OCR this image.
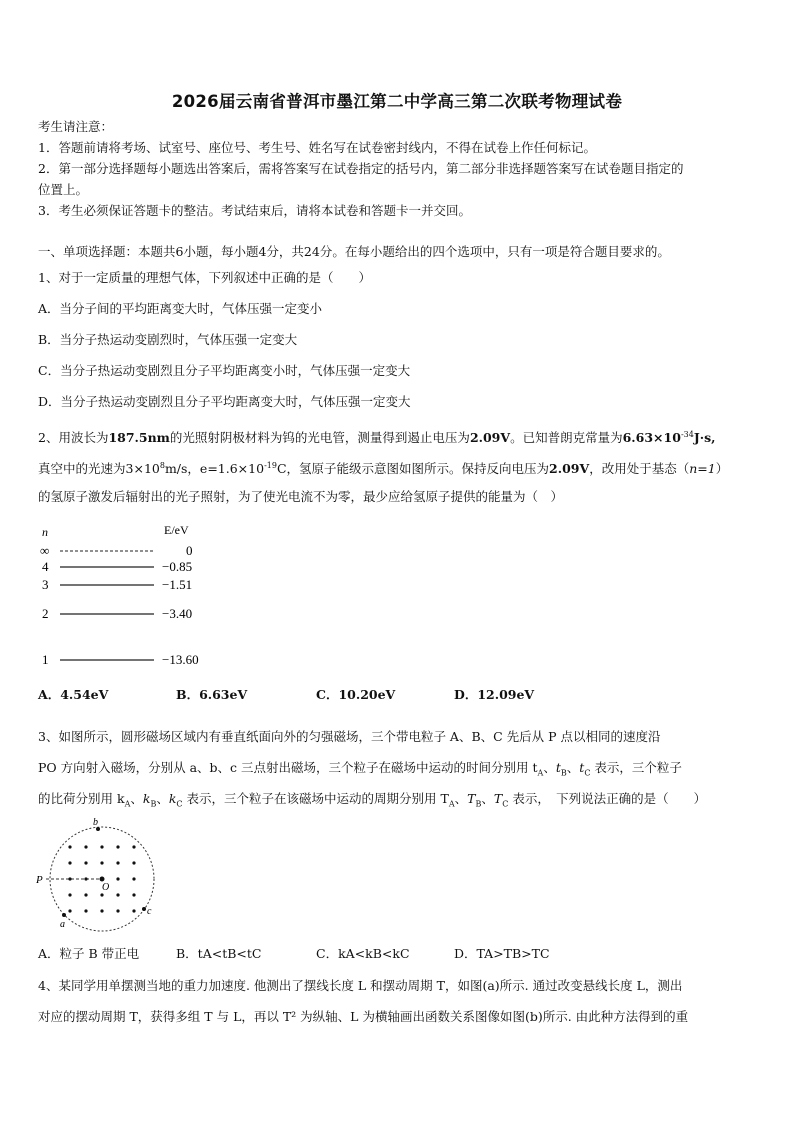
2026届云南省普洱市墨江第二中学高三第二次联考物理试卷
考生请注意：
1．答题前请将考场、试室号、座位号、考生号、姓名写在试卷密封线内，不得在试卷上作任何标记。
2．第一部分选择题每小题选出答案后，需将答案写在试卷指定的括号内，第二部分非选择题答案写在试卷题目指定的
位置上。
3．考生必须保证答题卡的整洁。考试结束后，请将本试卷和答题卡一并交回。
一、单项选择题：本题共6小题，每小题4分，共24分。在每小题给出的四个选项中，只有一项是符合题目要求的。
1、对于一定质量的理想气体，下列叙述中正确的是（　　）
A．当分子间的平均距离变大时，气体压强一定变小
B．当分子热运动变剧烈时，气体压强一定变大
C．当分子热运动变剧烈且分子平均距离变小时，气体压强一定变大
D．当分子热运动变剧烈且分子平均距离变大时，气体压强一定变大
2、用波长为187.5nm的光照射阴极材料为钨的光电管，测量得到遏止电压为2.09V。已知普朗克常量为$6.63\times 10^{-34}J\cdot s$,
真空中的光速为$3\times 10^8m/s$，$e=1.6\times 10^{-19}C$，氢原子能级示意图如图所示。保持反向电压为2.09V，改用处于基态（n=1）
的氢原子激发后辐射出的光子照射，为了使光电流不为零，最少应给氢原子提供的能量为（　）
n	E/eV
∞	0
4	−0.85
3	−1.51
2	−3.40
1	−13.60
A．4.54eV	B．6.63eV	C．10.20eV	D．12.09eV
3、如图所示，圆形磁场区域内有垂直纸面向外的匀强磁场，三个带电粒子 A、B、C 先后从 P 点以相同的速度沿
PO 方向射入磁场，分别从 a、b、c 三点射出磁场，三个粒子在磁场中运动的时间分别用 $t_A$、$t_B$、$t_C$ 表示，三个粒子
的比荷分别用 $k_A$、$k_B$、$k_C$ 表示，三个粒子在该磁场中运动的周期分别用 $T_A$、$T_B$、$T_C$ 表示，　下列说法正确的是（　　）
P
O
b
c
a
A．粒子 B 带正电	B．tA<tB<tC	C．kA<kB<kC	D．TA>TB>TC
4、某同学用单摆测当地的重力加速度. 他测出了摆线长度 L 和摆动周期 T，如图(a)所示. 通过改变悬线长度 L，测出
对应的摆动周期 T，获得多组 T 与 L，再以 T² 为纵轴、L 为横轴画出函数关系图像如图(b)所示. 由此种方法得到的重
